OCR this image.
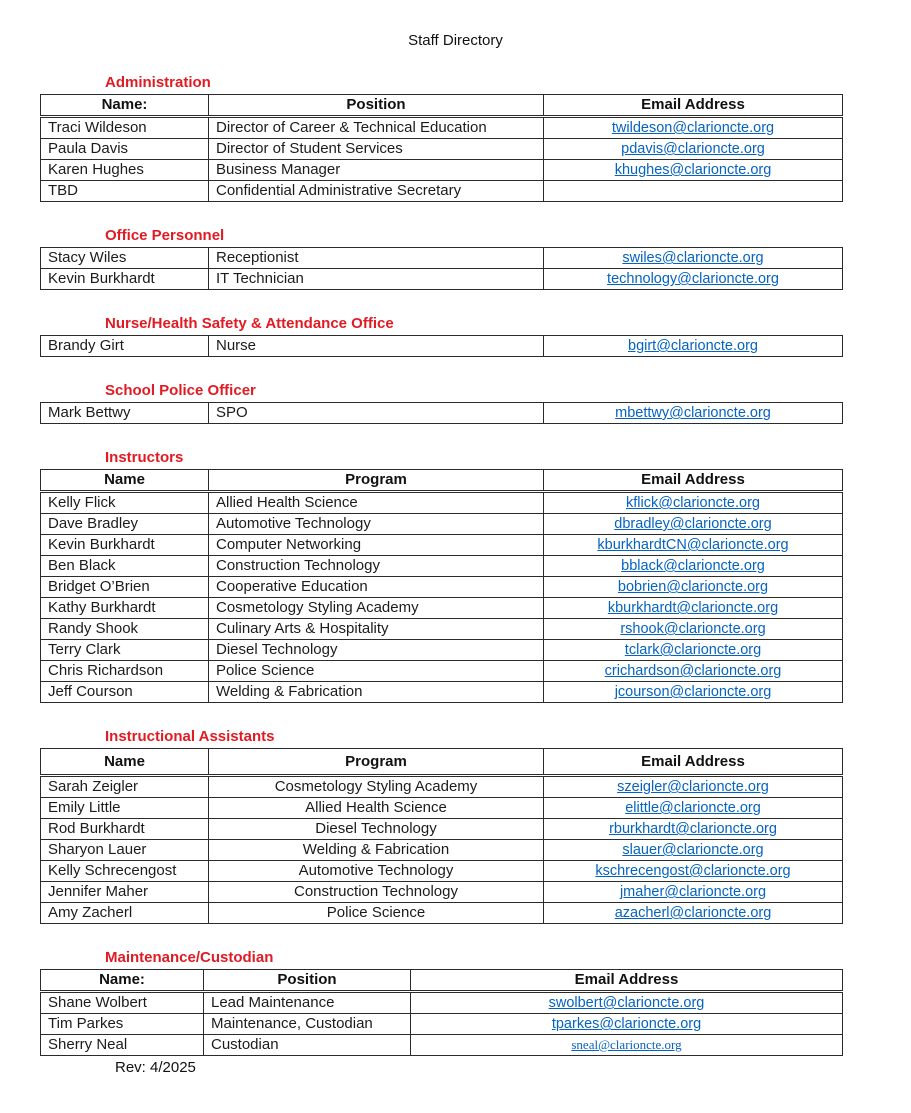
Staff Directory
Administration
Name:	Position	Email Address
Traci Wildeson	Director of Career & Technical Education	twildeson@clarioncte.org
Paula Davis	Director of Student Services	pdavis@clarioncte.org
Karen Hughes	Business Manager	khughes@clarioncte.org
TBD	Confidential Administrative Secretary	
Office Personnel
Stacy Wiles	Receptionist	swiles@clarioncte.org
Kevin Burkhardt	IT Technician	technology@clarioncte.org
Nurse/Health Safety & Attendance Office
Brandy Girt	Nurse	bgirt@clarioncte.org
School Police Officer
Mark Bettwy	SPO	mbettwy@clarioncte.org
Instructors
Name	Program	Email Address
Kelly Flick	Allied Health Science	kflick@clarioncte.org
Dave Bradley	Automotive Technology	dbradley@clarioncte.org
Kevin Burkhardt	Computer Networking	kburkhardtCN@clarioncte.org
Ben Black	Construction Technology	bblack@clarioncte.org
Bridget O’Brien	Cooperative Education	bobrien@clarioncte.org
Kathy Burkhardt	Cosmetology Styling Academy	kburkhardt@clarioncte.org
Randy Shook	Culinary Arts & Hospitality	rshook@clarioncte.org
Terry Clark	Diesel Technology	tclark@clarioncte.org
Chris Richardson	Police Science	crichardson@clarioncte.org
Jeff Courson	Welding & Fabrication	jcourson@clarioncte.org
Instructional Assistants
Name	Program	Email Address
Sarah Zeigler	Cosmetology Styling Academy	szeigler@clarioncte.org
Emily Little	Allied Health Science	elittle@clarioncte.org
Rod Burkhardt	Diesel Technology	rburkhardt@clarioncte.org
Sharyon Lauer	Welding & Fabrication	slauer@clarioncte.org
Kelly Schrecengost	Automotive Technology	kschrecengost@clarioncte.org
Jennifer Maher	Construction Technology	jmaher@clarioncte.org
Amy Zacherl	Police Science	azacherl@clarioncte.org
Maintenance/Custodian
Name:	Position	Email Address
Shane Wolbert	Lead Maintenance	swolbert@clarioncte.org
Tim Parkes	Maintenance, Custodian	tparkes@clarioncte.org
Sherry Neal	Custodian	sneal@clarioncte.org
Rev: 4/2025
